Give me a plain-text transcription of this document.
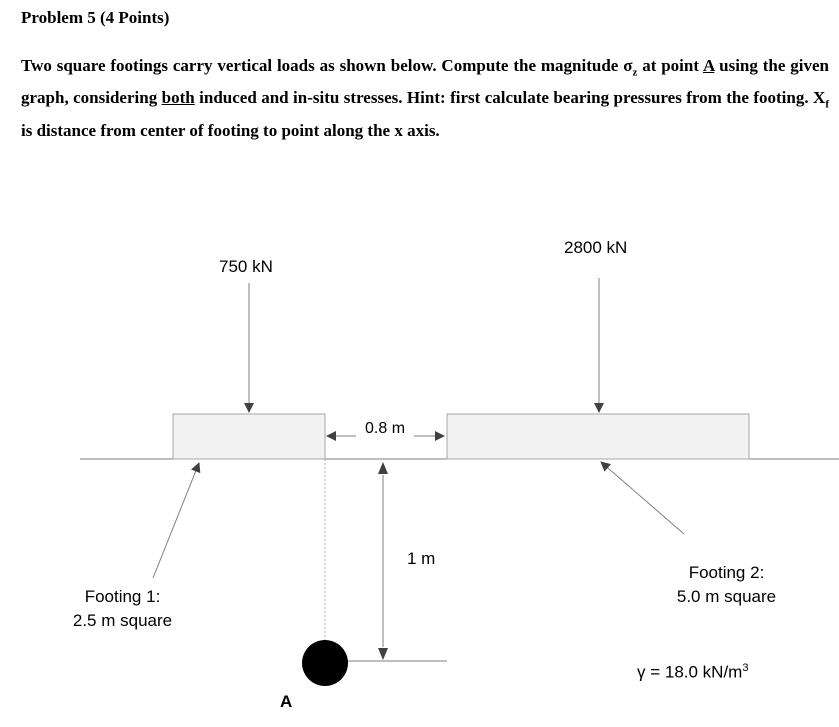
Problem 5 (4 Points)
Two square footings carry vertical loads as shown below. Compute the magnitude $\sigma_z$ at point A using the given graph, considering both induced and in-situ stresses. Hint: first calculate bearing pressures from the footing. $X_f$ is distance from center of footing to point along the x axis.
750 kN
2800 kN
0.8 m
1 m
Footing 1:
2.5 m square
Footing 2:
5.0 m square
A
γ = 18.0 $kN/m^3$
